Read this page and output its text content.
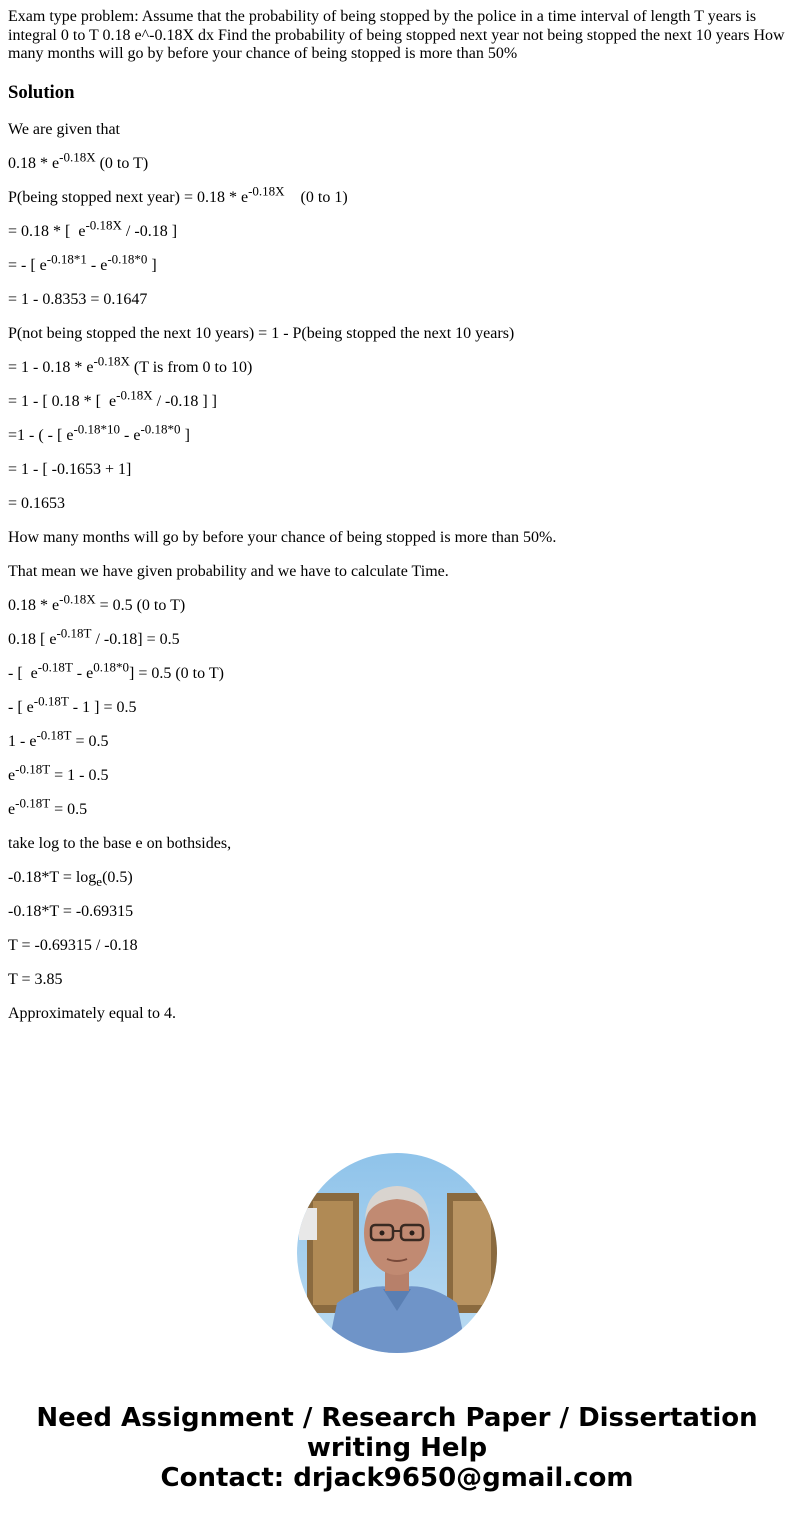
Exam type problem: Assume that the probability of being stopped by the police in a time interval of length T years is integral 0 to T 0.18 e^-0.18X dx Find the probability of being stopped next year not being stopped the next 10 years How many months will go by before your chance of being stopped is more than 50%

Solution

We are given that

$0.18 * e^{-0.18X}$ (0 to T)

P(being stopped next year) = $0.18 * e^{-0.18X}$    (0 to 1)

= 0.18 * [  $e^{-0.18X} / -0.18$ ]

= - [ $e^{-0.18*1} - e^{-0.18*0}$ ]

= 1 - 0.8353 = 0.1647

P(not being stopped the next 10 years) = 1 - P(being stopped the next 10 years)

= $1 - 0.18 * e^{-0.18X}$ (T is from 0 to 10)

= 1 - [ 0.18 * [  $e^{-0.18X} / -0.18$ ] ]

=1 - ( - [ $e^{-0.18*10} - e^{-0.18*0}$ ]

= 1 - [ -0.1653 + 1]

= 0.1653

How many months will go by before your chance of being stopped is more than 50%.

That mean we have given probability and we have to calculate Time.

$0.18 * e^{-0.18X} = 0.5$ (0 to T)

0.18 [ $e^{-0.18T} / -0.18] = 0.5$

- [  $e^{-0.18T} - e^{0.18*0}] = 0.5$ (0 to T)

- [ $e^{-0.18T} - 1$ ] = 0.5

$1 - e^{-0.18T} = 0.5$

$e^{-0.18T} = 1 - 0.5$

$e^{-0.18T} = 0.5$

take log to the base e on bothsides,

$-0.18*T = \log_e(0.5)$

-0.18*T = -0.69315

T = -0.69315 / -0.18

T = 3.85

Approximately equal to 4.

Need Assignment / Research Paper / Dissertation
writing Help
Contact: drjack9650@gmail.com
